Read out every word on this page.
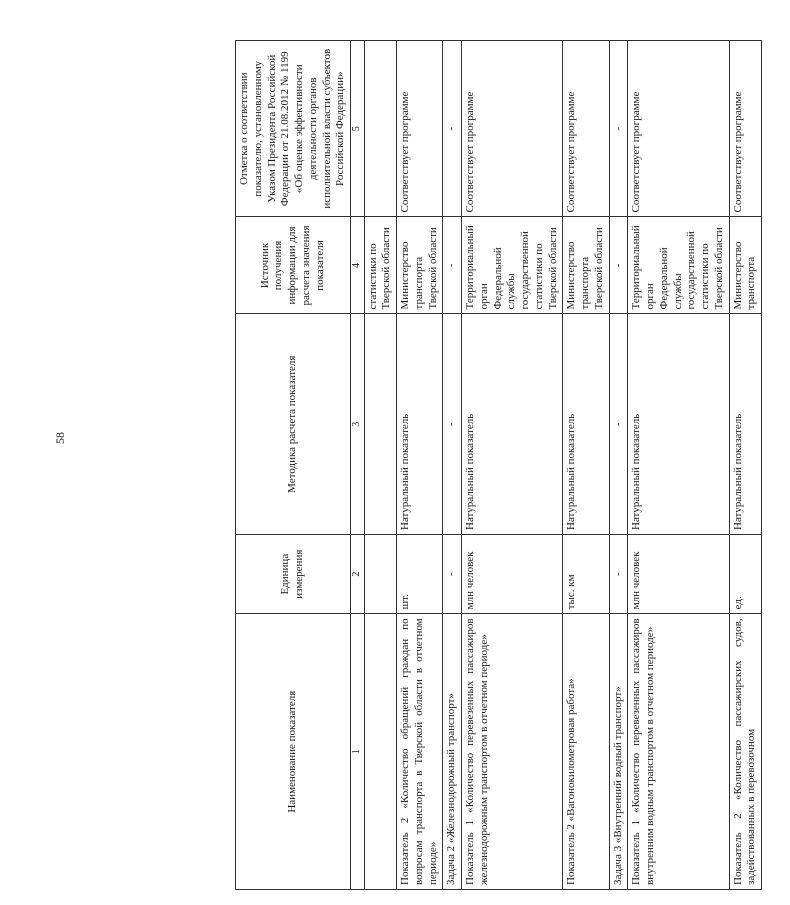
58
Наименование показателя	Единица измерения	Методика расчета показателя	Источник получения информации для расчета значения показателя	Отметка о соответствии показателю, установленному Указом Президента Российской Федерации от 21.08.2012 № 1199 «Об оценке эффективности деятельности органов исполнительной власти субъектов Российской Федерации»
1	2	3	4	5
			статистики по Тверской области	
Показатель 2 «Количество обращений граждан по вопросам транспорта в Тверской области в отчетном периоде»	шт.	Натуральный показатель	Министерство транспорта Тверской области	Соответствует программе
Задача 2 «Железнодорожный транспорт»	-	-	-	-
Показатель 1 «Количество перевезенных пассажиров железнодорожным транспортом в отчетном периоде»	млн человек	Натуральный показатель	Территориальный орган Федеральной службы государственной статистики по Тверской области	Соответствует программе
Показатель 2 «Вагонокилометровая работа»	тыс. км	Натуральный показатель	Министерство транспорта Тверской области	Соответствует программе
Задача 3 «Внутренний водный транспорт»	-	-	-	-
Показатель 1 «Количество перевезенных пассажиров внутренним водным транспортом в отчетном периоде»	млн человек	Натуральный показатель	Территориальный орган Федеральной службы государственной статистики по Тверской области	Соответствует программе
Показатель 2 «Количество пассажирских судов, задействованных в перевозочном	ед.	Натуральный показатель	Министерство транспорта	Соответствует программе
